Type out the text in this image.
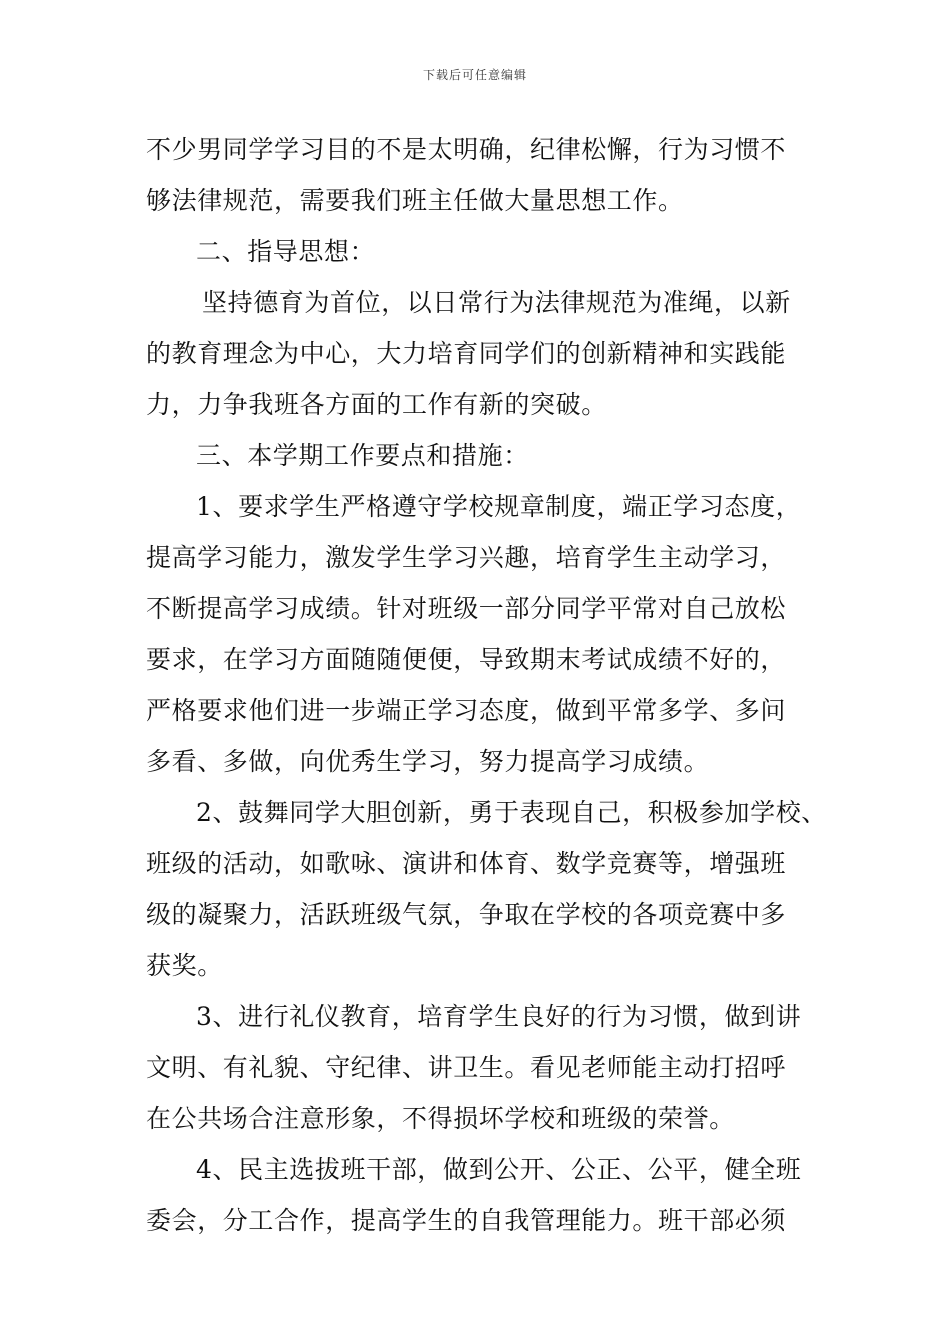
下载后可任意编辑
不少男同学学习目的不是太明确，纪律松懈，行为习惯不
够法律规范，需要我们班主任做大量思想工作。
二、指导思想：
坚持德育为首位，以日常行为法律规范为准绳，以新
的教育理念为中心，大力培育同学们的创新精神和实践能
力，力争我班各方面的工作有新的突破。
三、本学期工作要点和措施：
1、要求学生严格遵守学校规章制度，端正学习态度，
提高学习能力，激发学生学习兴趣，培育学生主动学习，
不断提高学习成绩。针对班级一部分同学平常对自己放松
要求，在学习方面随随便便，导致期末考试成绩不好的，
严格要求他们进一步端正学习态度，做到平常多学、多问
多看、多做，向优秀生学习，努力提高学习成绩。
2、鼓舞同学大胆创新，勇于表现自己，积极参加学校、
班级的活动，如歌咏、演讲和体育、数学竞赛等，增强班
级的凝聚力，活跃班级气氛，争取在学校的各项竞赛中多
获奖。
3、进行礼仪教育，培育学生良好的行为习惯，做到讲
文明、有礼貌、守纪律、讲卫生。看见老师能主动打招呼
在公共场合注意形象，不得损坏学校和班级的荣誉。
4、民主选拔班干部，做到公开、公正、公平，健全班
委会，分工合作，提高学生的自我管理能力。班干部必须
